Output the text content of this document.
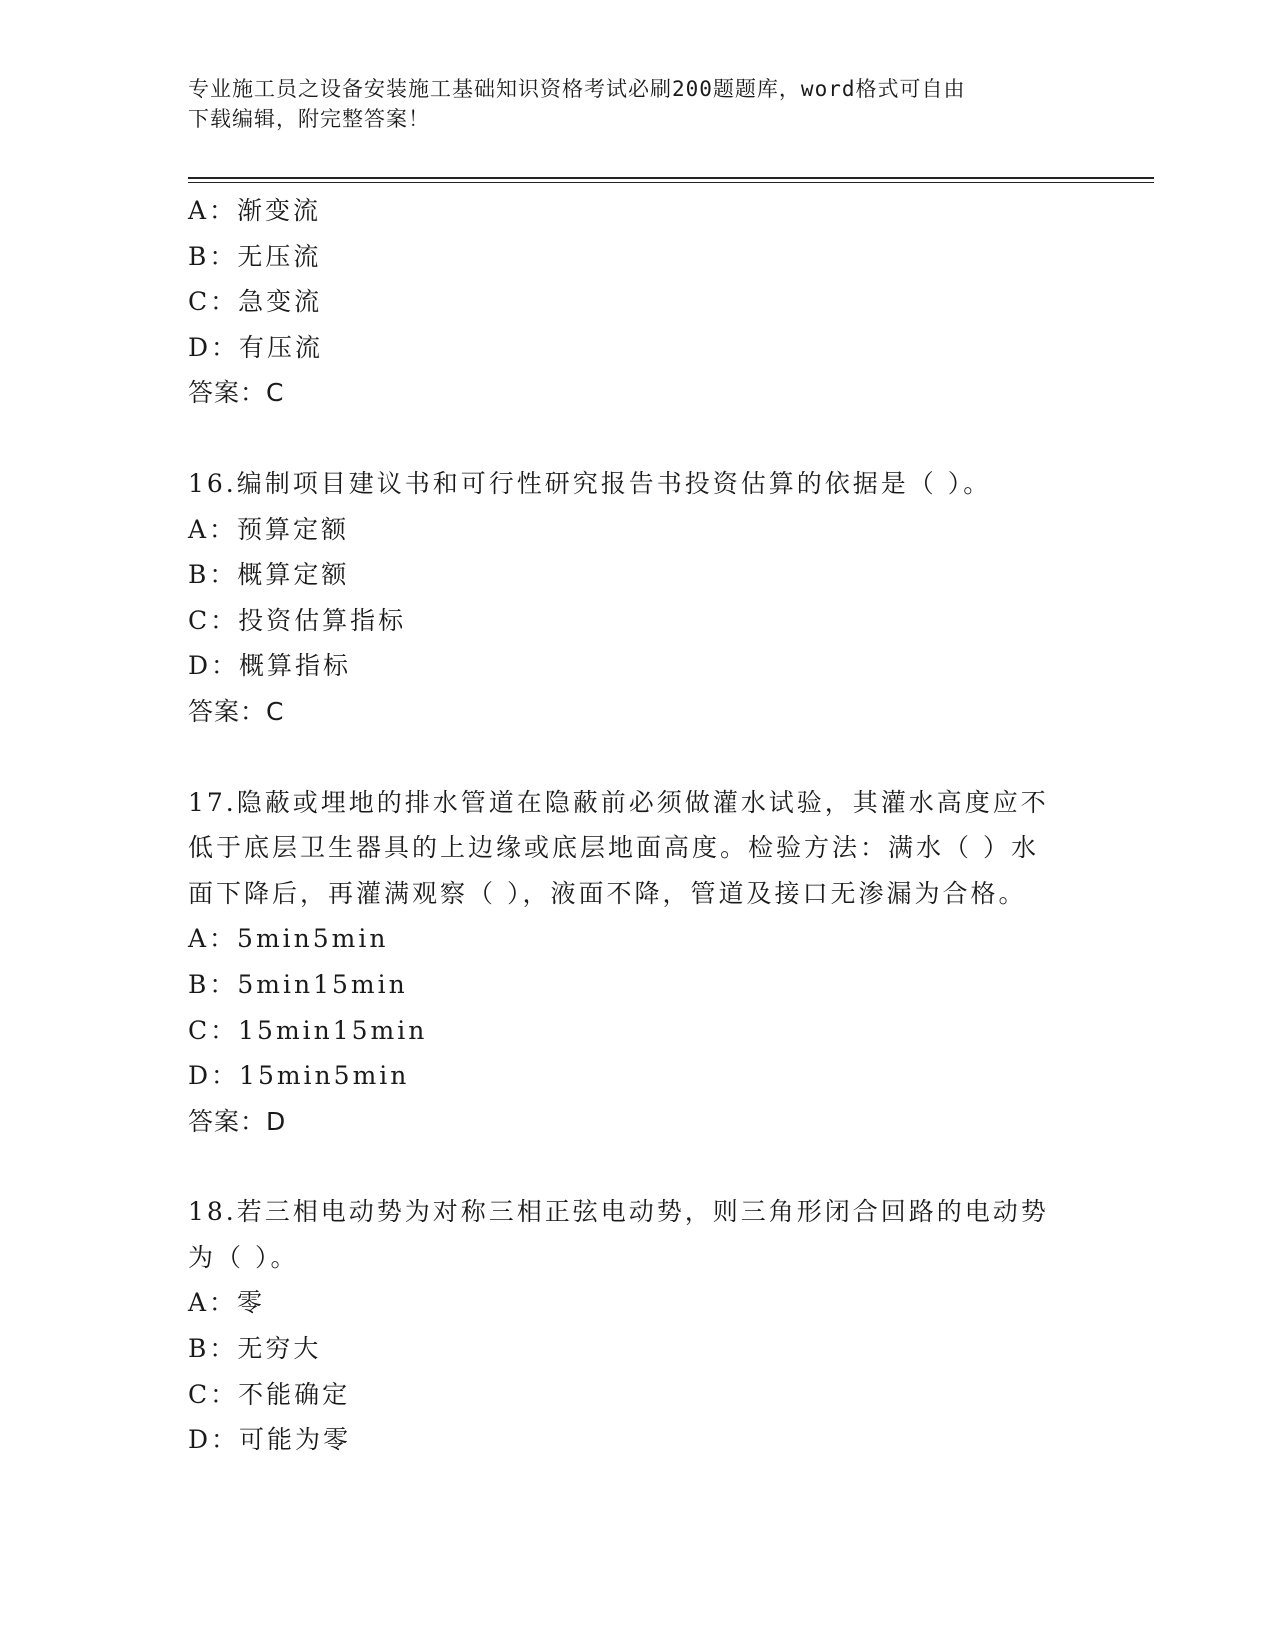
专业施工员之设备安装施工基础知识资格考试必刷200题题库，word格式可自由
下载编辑，附完整答案！
A：渐变流
B：无压流
C：急变流
D：有压流
答案：C
16.编制项目建议书和可行性研究报告书投资估算的依据是（ ）。
A：预算定额
B：概算定额
C：投资估算指标
D：概算指标
答案：C
17.隐蔽或埋地的排水管道在隐蔽前必须做灌水试验，其灌水高度应不
低于底层卫生器具的上边缘或底层地面高度。检验方法：满水（ ）水
面下降后，再灌满观察（ ），液面不降，管道及接口无渗漏为合格。
A：5min5min
B：5min15min
C：15min15min
D：15min5min
答案：D
18.若三相电动势为对称三相正弦电动势，则三角形闭合回路的电动势
为（ ）。
A：零
B：无穷大
C：不能确定
D：可能为零
